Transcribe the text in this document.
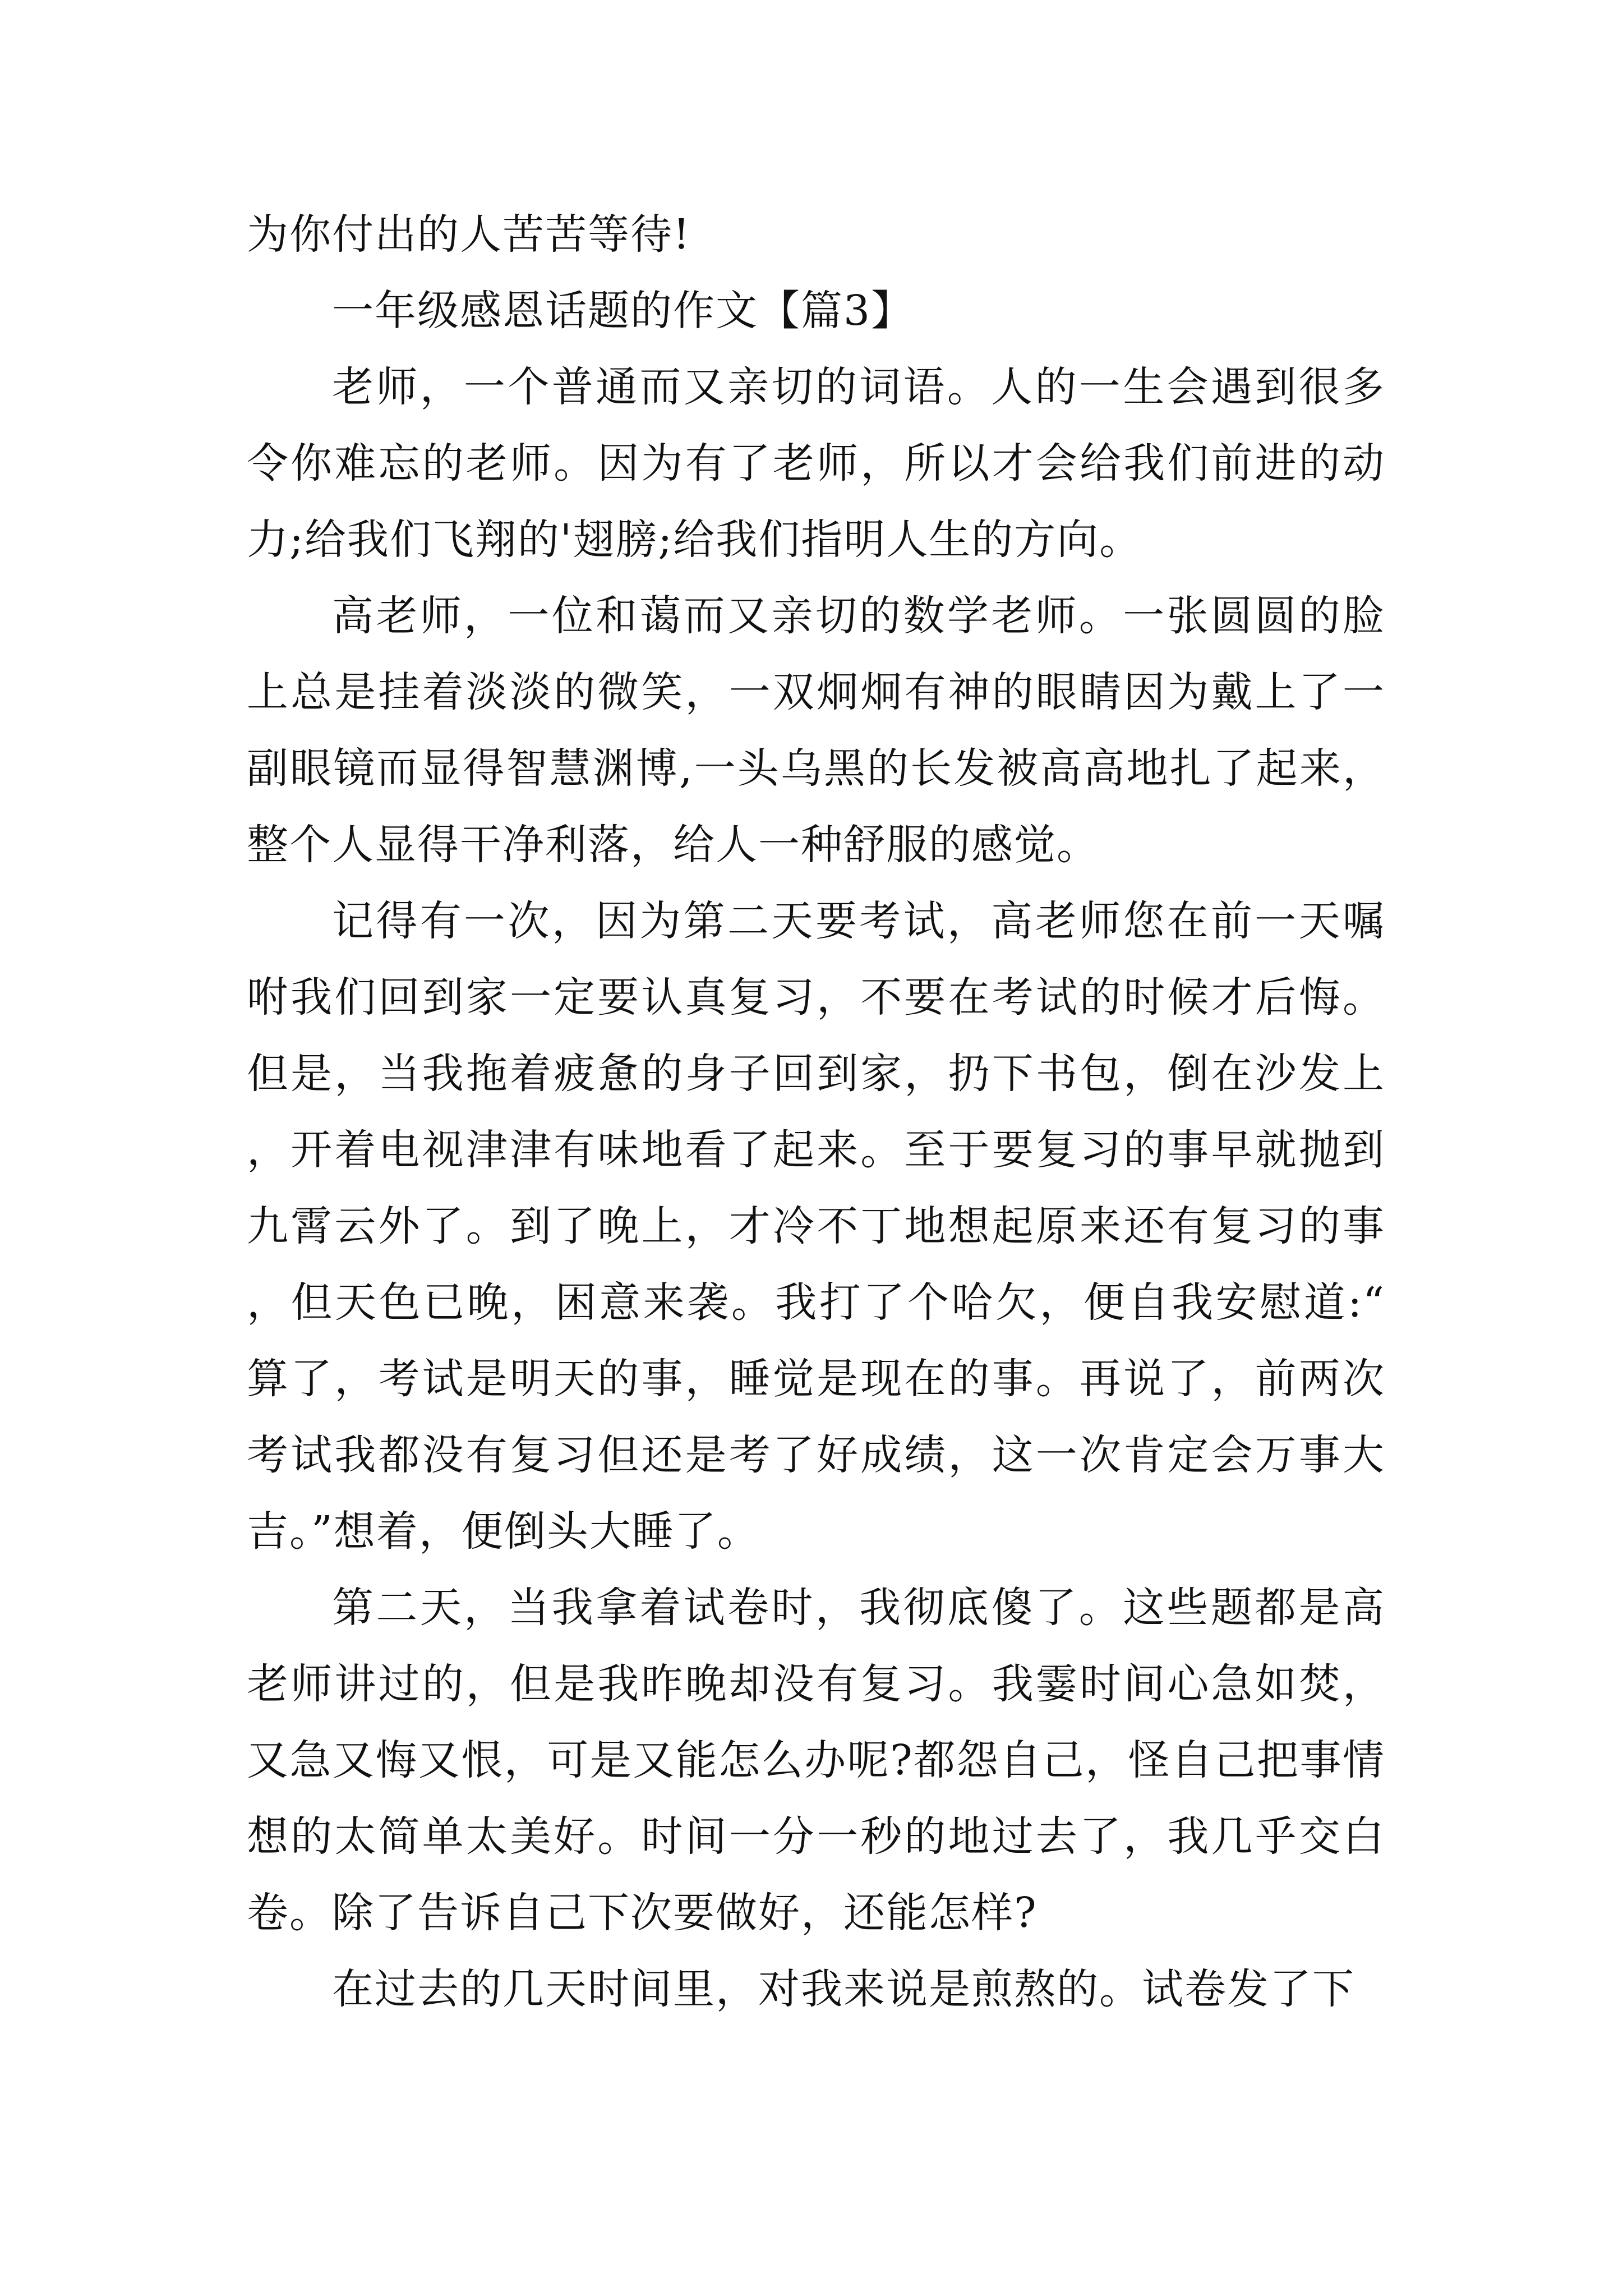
为你付出的人苦苦等待!

一年级感恩话题的作文【篇3】

老师，一个普通而又亲切的词语。人的一生会遇到很多令你难忘的老师。因为有了老师，所以才会给我们前进的动力;给我们飞翔的'翅膀;给我们指明人生的方向。

高老师，一位和蔼而又亲切的数学老师。一张圆圆的脸上总是挂着淡淡的微笑，一双炯炯有神的眼睛因为戴上了一副眼镜而显得智慧渊博,一头乌黑的长发被高高地扎了起来，整个人显得干净利落，给人一种舒服的感觉。

记得有一次，因为第二天要考试，高老师您在前一天嘱咐我们回到家一定要认真复习，不要在考试的时候才后悔。但是，当我拖着疲惫的身子回到家，扔下书包，倒在沙发上，开着电视津津有味地看了起来。至于要复习的事早就抛到九霄云外了。到了晚上，才冷不丁地想起原来还有复习的事，但天色已晚，困意来袭。我打了个哈欠，便自我安慰道:“算了，考试是明天的事，睡觉是现在的事。再说了，前两次考试我都没有复习但还是考了好成绩，这一次肯定会万事大吉。”想着，便倒头大睡了。

第二天，当我拿着试卷时，我彻底傻了。这些题都是高老师讲过的，但是我昨晚却没有复习。我霎时间心急如焚，又急又悔又恨，可是又能怎么办呢?都怨自己，怪自己把事情想的太简单太美好。时间一分一秒的地过去了，我几乎交白卷。除了告诉自己下次要做好，还能怎样?

在过去的几天时间里，对我来说是煎熬的。试卷发了下
